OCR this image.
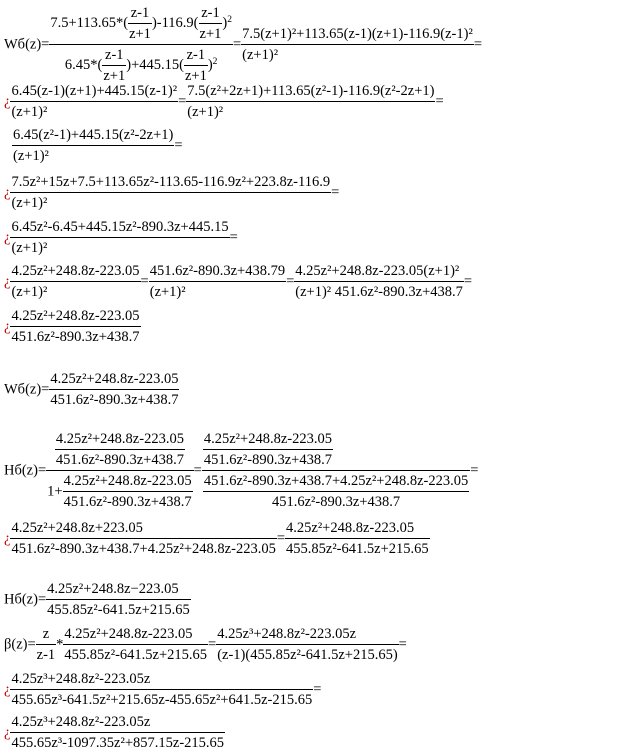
$Wб(z)= \frac{7.5+113.65*( \frac{z-1}{z+1} )-116.9( \frac{z-1}{z+1} )^2}{6.45*( \frac{z-1}{z+1} )+445.15( \frac{z-1}{z+1} )^2} = \frac{\text{7.5(z+1)²+113.65(z-1)(z+1)-116.9(z-1)²}}{\text{(z+1)²}}$ =
¿ $\frac{\text{6.45(z-1)(z+1)+445.15(z-1)²}}{\text{(z+1)²}} = \frac{\text{7.5(z²+2z+1)+113.65(z²-1)-116.9(z²-2z+1)}}{\text{(z+1)²}}$ =
$\frac{\text{6.45(z²-1)+445.15(z²-2z+1)}}{\text{(z+1)²}}$ =
¿ $\frac{\text{7.5z²+15z+7.5+113.65z²-113.65-116.9z²+223.8z-116.9}}{\text{(z+1)²}}$ =
¿ $\frac{\text{6.45z²-6.45+445.15z²-890.3z+445.15}}{\text{(z+1)²}}$ =
¿ $\frac{\text{4.25z²+248.8z-223.05}}{\text{(z+1)²}} = \frac{\text{451.6z²-890.3z+438.79}}{\text{(z+1)²}} = \frac{\text{4.25z²+248.8z-223.05(z+1)²}}{\text{(z+1)² 451.6z²-890.3z+438.7}}$ =
¿ $\frac{\text{4.25z²+248.8z-223.05}}{\text{451.6z²-890.3z+438.7}}$
$Wб(z)= \frac{\text{4.25z²+248.8z-223.05}}{\text{451.6z²-890.3z+438.7}}$
$Hб(z)= \frac{\frac{\text{4.25z²+248.8z-223.05}}{\text{451.6z²-890.3z+438.7}}}{1+ \frac{\text{4.25z²+248.8z-223.05}}{\text{451.6z²-890.3z+438.7}}}$ =
$\frac{\text{4.25z²+248.8z-223.05}}{\text{451.6z²-890.3z+438.7}}$
$\frac{\text{451.6z²-890.3z+438.7+4.25z²+248.8z-223.05}}{\text{451.6z²-890.3z+438.7}}$
=
¿ $\frac{\text{4.25z²+248.8z+223.05}}{\text{451.6z²-890.3z+438.7+4.25z²+248.8z-223.05}} = \frac{\text{4.25z²+248.8z-223.05}}{\text{455.85z²-641.5z+215.65}}$
$Hб(z)= \frac{\text{4.25z²+248.8z−223.05}}{\text{455.85z²-641.5z+215.65}}$
$\beta(z)= \frac{z}{z-1} * \frac{\text{4.25z²+248.8z-223.05}}{\text{455.85z²-641.5z+215.65}} = \frac{\text{4.25z³+248.8z²-223.05z}}{\text{(z-1)(455.85z²-641.5z+215.65)}}$ =
¿ $\frac{\text{4.25z³+248.8z²-223.05z}}{\text{455.65z³-641.5z²+215.65z-455.65z²+641.5z-215.65}}$ =
¿ $\frac{\text{4.25z³+248.8z²-223.05z}}{\text{455.65z³-1097.35z²+857.15z-215.65}}$
